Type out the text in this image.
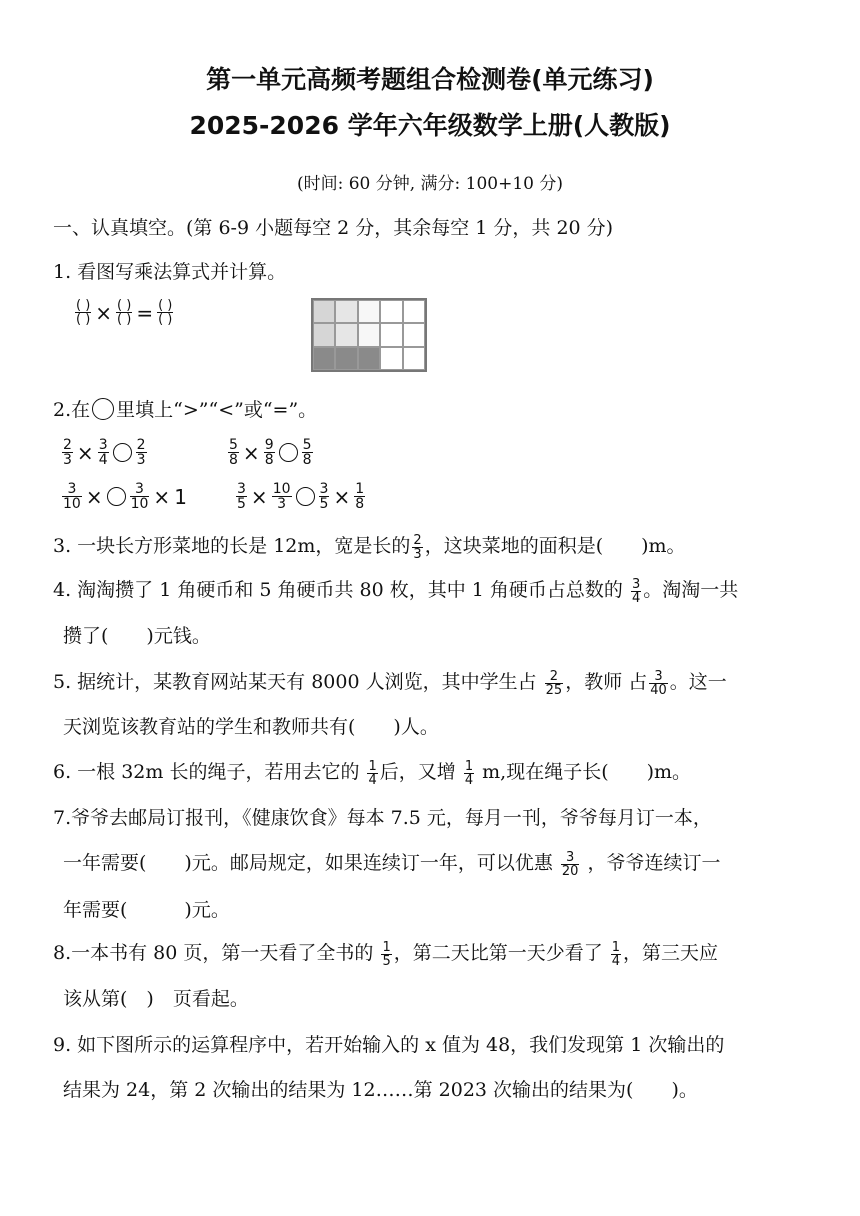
第一单元高频考题组合检测卷(单元练习)
2025-2026 学年六年级数学上册(人教版)
(时间: 60 分钟, 满分: 100+10 分)
一、认真填空。(第 6-9 小题每空 2 分，其余每空 1 分，共 20 分)
1. 看图写乘法算式并计算。
$\frac{( )}{( )} \times \frac{( )}{( )} = \frac{( )}{( )}$
2.在 里填上“>”“<”或“=”。
$\frac{2}{3} \times \frac{3}{4} \frac{2}{3}$	$\frac{5}{8} \times \frac{9}{8} \frac{5}{8}$
$\frac{3}{10} \times \frac{3}{10} \times 1$	$\frac{3}{5} \times \frac{10}{3} \frac{3}{5} \times \frac{1}{8}$
3. 一块长方形菜地的长是 12m，宽是长的 $\frac{2}{3}$ ，这块菜地的面积是(　　)m。
4. 淘淘攒了 1 角硬币和 5 角硬币共 80 枚，其中 1 角硬币占总数的 $\frac{3}{4}$ 。淘淘一共
攒了(　　)元钱。
5. 据统计，某教育网站某天有 8000 人浏览，其中学生占 $\frac{2}{25}$ ，教师 占 $\frac{3}{40}$ 。这一
天浏览该教育站的学生和教师共有(　　)人。
6. 一根 32m 长的绳子，若用去它的 $\frac{1}{4}$ 后，又增 $\frac{1}{4} m$,现在绳子长(　　)m。
7.爷爷去邮局订报刊，《健康饮食》每本 7.5 元，每月一刊，爷爷每月订一本，
一年需要(　　)元。邮局规定，如果连续订一年，可以优惠 $\frac{3}{20}$ ，爷爷连续订一
年需要(　　　)元。
8.一本书有 80 页，第一天看了全书的 $\frac{1}{5}$ ，第二天比第一天少看了 $\frac{1}{4}$ ，第三天应
该从第(　)　页看起。
9. 如下图所示的运算程序中，若开始输入的 x 值为 48，我们发现第 1 次输出的
结果为 24，第 2 次输出的结果为 12……第 2023 次输出的结果为(　　)。
